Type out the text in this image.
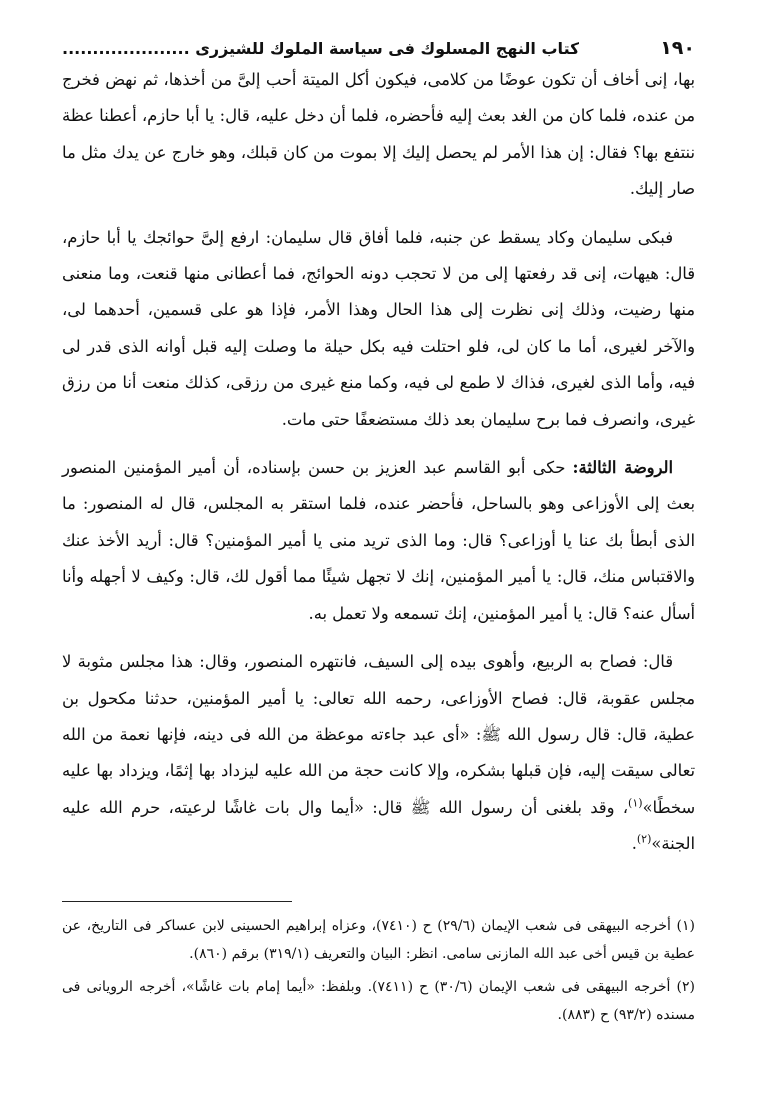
١٩٠
كتاب النهج المسلوك فى سياسة الملوك للشيزرى .....................

بها، إنى أخاف أن تكون عوضًا من كلامى، فيكون أكل الميتة أحب إلىَّ من أخذها، ثم نهض فخرج من عنده، فلما كان من الغد بعث إليه فأحضره، فلما أن دخل عليه، قال: يا أبا حازم، أعطنا عظة ننتفع بها؟ فقال: إن هذا الأمر لم يحصل إليك إلا بموت من كان قبلك، وهو خارج عن يدك مثل ما صار إليك.

فبكى سليمان وكاد يسقط عن جنبه، فلما أفاق قال سليمان: ارفع إلىَّ حوائجك يا أبا حازم، قال: هيهات، إنى قد رفعتها إلى من لا تحجب دونه الحوائج، فما أعطانى منها قنعت، وما منعنى منها رضيت، وذلك إنى نظرت إلى هذا الحال وهذا الأمر، فإذا هو على قسمين، أحدهما لى، والآخر لغيرى، أما ما كان لى، فلو احتلت فيه بكل حيلة ما وصلت إليه قبل أوانه الذى قدر لى فيه، وأما الذى لغيرى، فذاك لا طمع لى فيه، وكما منع غيرى من رزقى، كذلك منعت أنا من رزق غيرى، وانصرف فما برح سليمان بعد ذلك مستضعفًا حتى مات.

الروضة الثالثة: حكى أبو القاسم عبد العزيز بن حسن بإسناده، أن أمير المؤمنين المنصور بعث إلى الأوزاعى وهو بالساحل، فأحضر عنده، فلما استقر به المجلس، قال له المنصور: ما الذى أبطأ بك عنا يا أوزاعى؟ قال: وما الذى تريد منى يا أمير المؤمنين؟ قال: أريد الأخذ عنك والاقتباس منك، قال: يا أمير المؤمنين، إنك لا تجهل شيئًا مما أقول لك، قال: وكيف لا أجهله وأنا أسأل عنه؟ قال: يا أمير المؤمنين، إنك تسمعه ولا تعمل به.

قال: فصاح به الربيع، وأهوى بيده إلى السيف، فانتهره المنصور، وقال: هذا مجلس مثوبة لا مجلس عقوبة، قال: فصاح الأوزاعى، رحمه الله تعالى: يا أمير المؤمنين، حدثنا مكحول بن عطية، قال: قال رسول الله ﷺ: «أى عبد جاءته موعظة من الله فى دينه، فإنها نعمة من الله تعالى سيقت إليه، فإن قبلها بشكره، وإلا كانت حجة من الله عليه ليزداد بها إثمًا، ويزداد بها عليه سخطًا»$^{(١)}$، وقد بلغنى أن رسول الله ﷺ قال: «أيما وال بات غاشًا لرعيته، حرم الله عليه الجنة»$^{(٢)}$.

(١) أخرجه البيهقى فى شعب الإيمان (٢٩/٦) ح (٧٤١٠)، وعزاه إبراهيم الحسينى لابن عساكر فى التاريخ، عن عطية بن قيس أخى عبد الله المازنى سامى. انظر: البيان والتعريف (٣١٩/١) برقم (٨٦٠).

(٢) أخرجه البيهقى فى شعب الإيمان (٣٠/٦) ح (٧٤١١). وبلفظ: «أيما إمام بات غاشًا»، أخرجه الرويانى فى مسنده (٩٣/٢) ح (٨٨٣).
